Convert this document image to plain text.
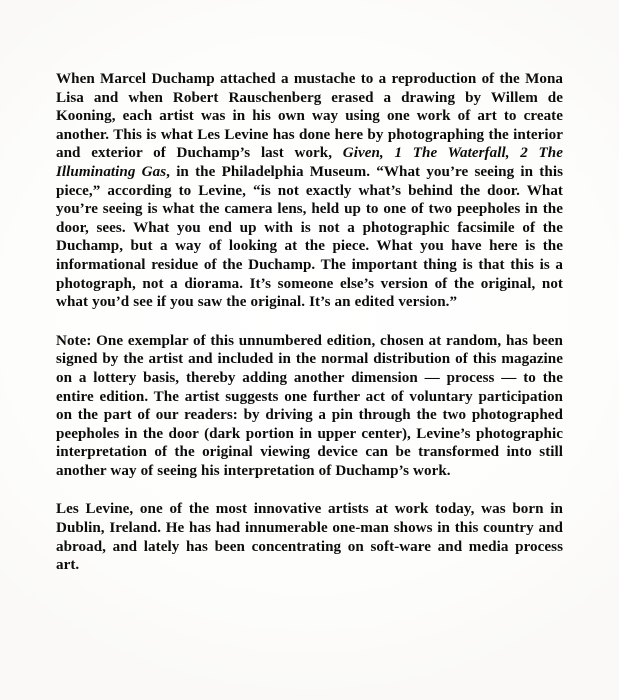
When Marcel Duchamp attached a mustache to a reproduction of the Mona Lisa and when Robert Rauschenberg erased a drawing by Willem de Kooning, each artist was in his own way using one work of art to create another. This is what Les Levine has done here by photographing the interior and exterior of Duchamp’s last work, Given, 1 The Waterfall, 2 The Illuminating Gas, in the Philadelphia Museum. “What you’re seeing in this piece,” according to Levine, “is not exactly what’s behind the door. What you’re seeing is what the camera lens, held up to one of two peepholes in the door, sees. What you end up with is not a photographic facsimile of the Duchamp, but a way of looking at the piece. What you have here is the informational residue of the Duchamp. The important thing is that this is a photograph, not a diorama. It’s someone else’s version of the original, not what you’d see if you saw the original. It’s an edited version.”

Note: One exemplar of this unnumbered edition, chosen at random, has been signed by the artist and included in the normal distribution of this magazine on a lottery basis, thereby adding another dimension — process — to the entire edition. The artist suggests one further act of voluntary participation on the part of our readers: by driving a pin through the two photographed peepholes in the door (dark portion in upper center), Levine’s photographic interpretation of the original viewing device can be transformed into still another way of seeing his interpretation of Duchamp’s work.

Les Levine, one of the most innovative artists at work today, was born in Dublin, Ireland. He has had innumerable one-man shows in this country and abroad, and lately has been concentrating on soft-ware and media process art.
